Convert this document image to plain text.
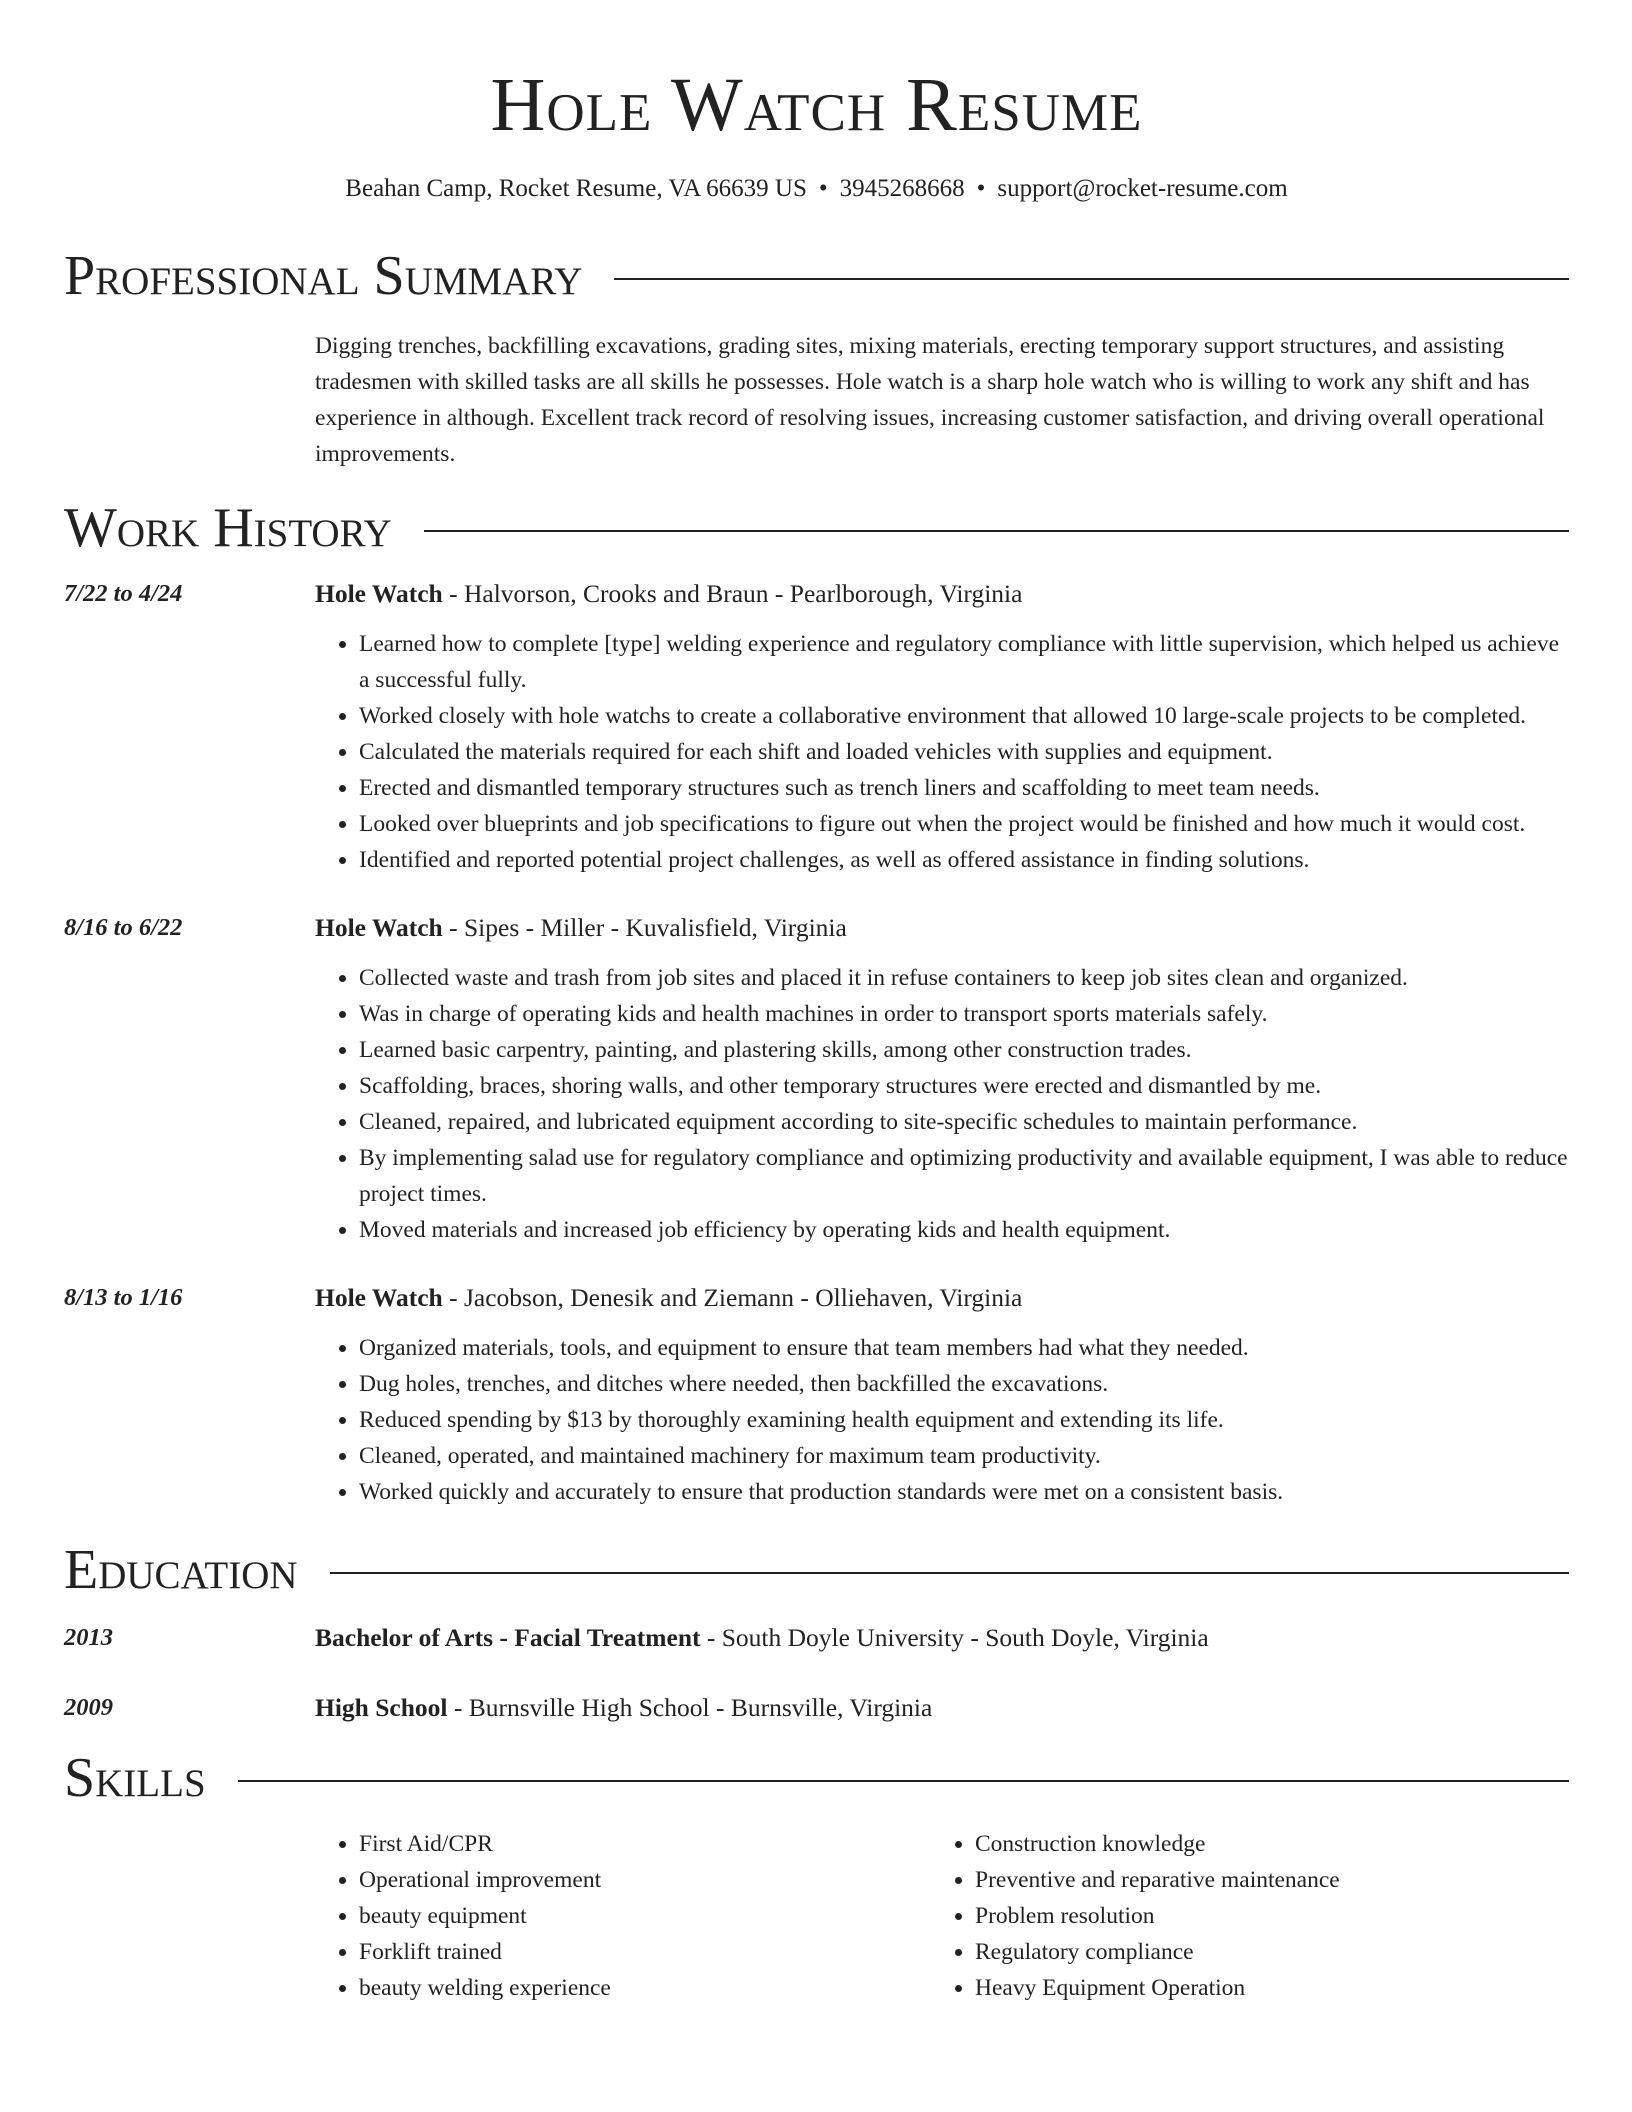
Hole Watch Resume
Beahan Camp, Rocket Resume, VA 66639 US • 3945268668 • support@rocket-resume.com
Professional Summary
Digging trenches, backfilling excavations, grading sites, mixing materials, erecting temporary support structures, and assisting tradesmen with skilled tasks are all skills he possesses. Hole watch is a sharp hole watch who is willing to work any shift and has experience in although. Excellent track record of resolving issues, increasing customer satisfaction, and driving overall operational improvements.
Work History
7/22 to 4/24	Hole Watch - Halvorson, Crooks and Braun - Pearlborough, Virginia
• Learned how to complete [type] welding experience and regulatory compliance with little supervision, which helped us achieve a successful fully.
• Worked closely with hole watchs to create a collaborative environment that allowed 10 large-scale projects to be completed.
• Calculated the materials required for each shift and loaded vehicles with supplies and equipment.
• Erected and dismantled temporary structures such as trench liners and scaffolding to meet team needs.
• Looked over blueprints and job specifications to figure out when the project would be finished and how much it would cost.
• Identified and reported potential project challenges, as well as offered assistance in finding solutions.
8/16 to 6/22	Hole Watch - Sipes - Miller - Kuvalisfield, Virginia
• Collected waste and trash from job sites and placed it in refuse containers to keep job sites clean and organized.
• Was in charge of operating kids and health machines in order to transport sports materials safely.
• Learned basic carpentry, painting, and plastering skills, among other construction trades.
• Scaffolding, braces, shoring walls, and other temporary structures were erected and dismantled by me.
• Cleaned, repaired, and lubricated equipment according to site-specific schedules to maintain performance.
• By implementing salad use for regulatory compliance and optimizing productivity and available equipment, I was able to reduce project times.
• Moved materials and increased job efficiency by operating kids and health equipment.
8/13 to 1/16	Hole Watch - Jacobson, Denesik and Ziemann - Olliehaven, Virginia
• Organized materials, tools, and equipment to ensure that team members had what they needed.
• Dug holes, trenches, and ditches where needed, then backfilled the excavations.
• Reduced spending by $13 by thoroughly examining health equipment and extending its life.
• Cleaned, operated, and maintained machinery for maximum team productivity.
• Worked quickly and accurately to ensure that production standards were met on a consistent basis.
Education
2013	Bachelor of Arts - Facial Treatment - South Doyle University - South Doyle, Virginia
2009	High School - Burnsville High School - Burnsville, Virginia
Skills
• First Aid/CPR
• Operational improvement
• beauty equipment
• Forklift trained
• beauty welding experience
• Construction knowledge
• Preventive and reparative maintenance
• Problem resolution
• Regulatory compliance
• Heavy Equipment Operation
